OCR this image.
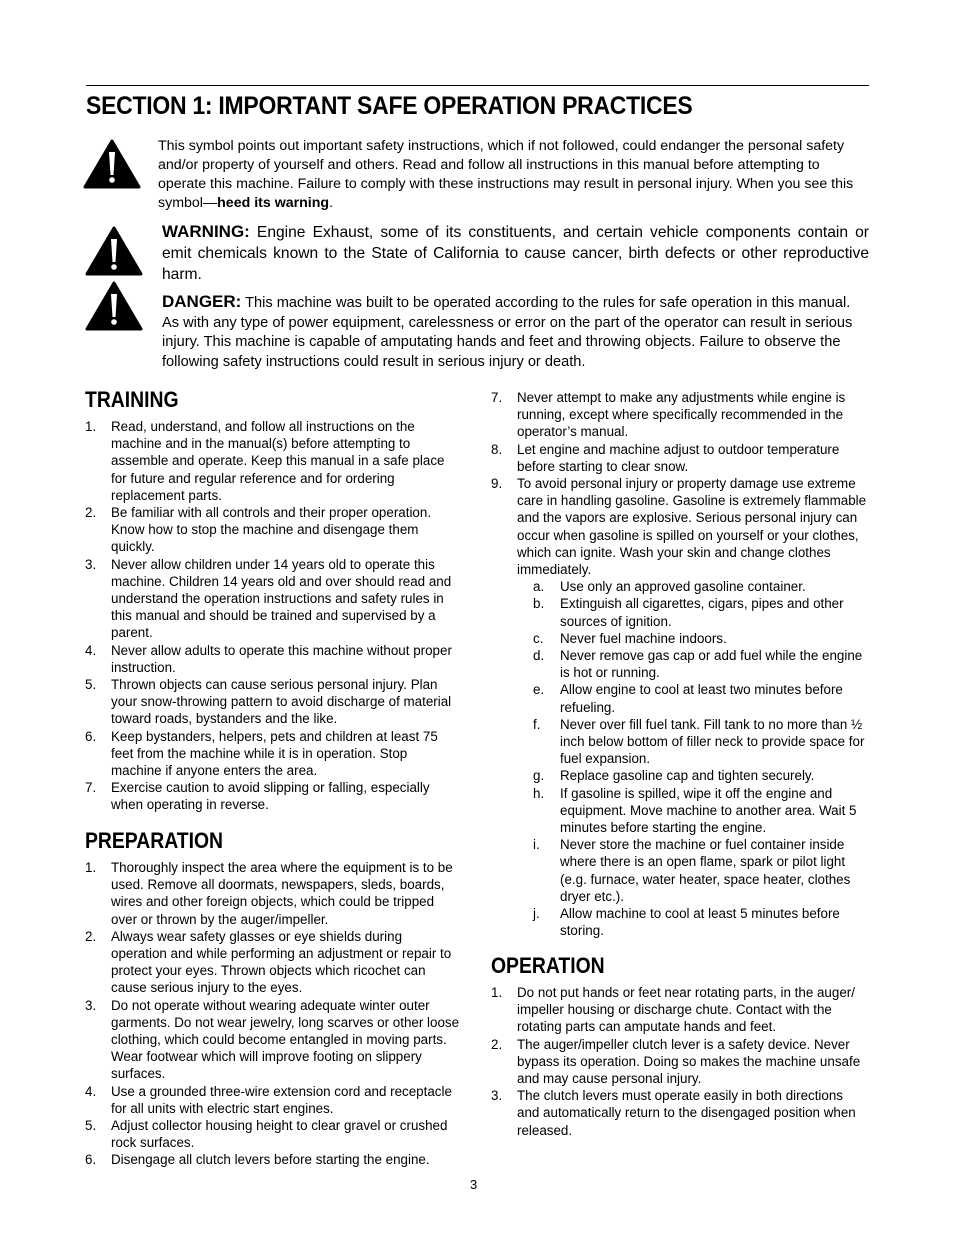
SECTION 1: IMPORTANT SAFE OPERATION PRACTICES

This symbol points out important safety instructions, which if not followed, could endanger the personal safety and/or property of yourself and others. Read and follow all instructions in this manual before attempting to operate this machine. Failure to comply with these instructions may result in personal injury. When you see this symbol—heed its warning.

WARNING: Engine Exhaust, some of its constituents, and certain vehicle components contain or emit chemicals known to the State of California to cause cancer, birth defects or other reproductive harm.

DANGER: This machine was built to be operated according to the rules for safe operation in this manual. As with any type of power equipment, carelessness or error on the part of the operator can result in serious injury. This machine is capable of amputating hands and feet and throwing objects. Failure to observe the following safety instructions could result in serious injury or death.

TRAINING
1. Read, understand, and follow all instructions on the machine and in the manual(s) before attempting to assemble and operate. Keep this manual in a safe place for future and regular reference and for ordering replacement parts.
2. Be familiar with all controls and their proper operation. Know how to stop the machine and disengage them quickly.
3. Never allow children under 14 years old to operate this machine. Children 14 years old and over should read and understand the operation instructions and safety rules in this manual and should be trained and supervised by a parent.
4. Never allow adults to operate this machine without proper instruction.
5. Thrown objects can cause serious personal injury. Plan your snow-throwing pattern to avoid discharge of material toward roads, bystanders and the like.
6. Keep bystanders, helpers, pets and children at least 75 feet from the machine while it is in operation. Stop machine if anyone enters the area.
7. Exercise caution to avoid slipping or falling, especially when operating in reverse.
PREPARATION
1. Thoroughly inspect the area where the equipment is to be used. Remove all doormats, newspapers, sleds, boards, wires and other foreign objects, which could be tripped over or thrown by the auger/impeller.
2. Always wear safety glasses or eye shields during operation and while performing an adjustment or repair to protect your eyes. Thrown objects which ricochet can cause serious injury to the eyes.
3. Do not operate without wearing adequate winter outer garments. Do not wear jewelry, long scarves or other loose clothing, which could become entangled in moving parts. Wear footwear which will improve footing on slippery surfaces.
4. Use a grounded three-wire extension cord and receptacle for all units with electric start engines.
5. Adjust collector housing height to clear gravel or crushed rock surfaces.
6. Disengage all clutch levers before starting the engine.
7. Never attempt to make any adjustments while engine is running, except where specifically recommended in the operator’s manual.
8. Let engine and machine adjust to outdoor temperature before starting to clear snow.
9. To avoid personal injury or property damage use extreme care in handling gasoline. Gasoline is extremely flammable and the vapors are explosive. Serious personal injury can occur when gasoline is spilled on yourself or your clothes, which can ignite. Wash your skin and change clothes immediately.
a. Use only an approved gasoline container.
b. Extinguish all cigarettes, cigars, pipes and other sources of ignition.
c. Never fuel machine indoors.
d. Never remove gas cap or add fuel while the engine is hot or running.
e. Allow engine to cool at least two minutes before refueling.
f. Never over fill fuel tank. Fill tank to no more than ½ inch below bottom of filler neck to provide space for fuel expansion.
g. Replace gasoline cap and tighten securely.
h. If gasoline is spilled, wipe it off the engine and equipment. Move machine to another area. Wait 5 minutes before starting the engine.
i. Never store the machine or fuel container inside where there is an open flame, spark or pilot light (e.g. furnace, water heater, space heater, clothes dryer etc.).
j. Allow machine to cool at least 5 minutes before storing.
OPERATION
1. Do not put hands or feet near rotating parts, in the auger/ impeller housing or discharge chute. Contact with the rotating parts can amputate hands and feet.
2. The auger/impeller clutch lever is a safety device. Never bypass its operation. Doing so makes the machine unsafe and may cause personal injury.
3. The clutch levers must operate easily in both directions and automatically return to the disengaged position when released.
3
